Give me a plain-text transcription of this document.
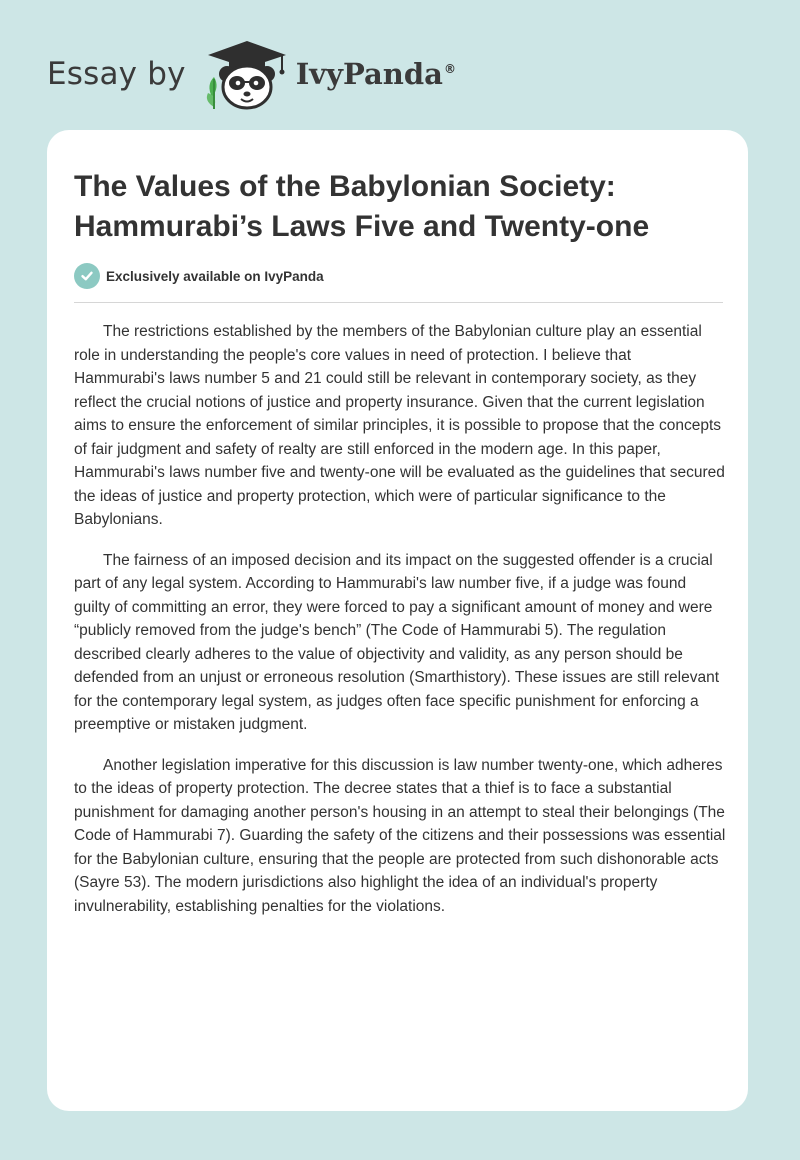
Essay by	IvyPanda®
The Values of the Babylonian Society: Hammurabi’s Laws Five and Twenty-one
Exclusively available on IvyPanda

The restrictions established by the members of the Babylonian culture play an essential role in understanding the people's core values in need of protection. I believe that Hammurabi's laws number 5 and 21 could still be relevant in contemporary society, as they reflect the crucial notions of justice and property insurance. Given that the current legislation aims to ensure the enforcement of similar principles, it is possible to propose that the concepts of fair judgment and safety of realty are still enforced in the modern age. In this paper, Hammurabi's laws number five and twenty-one will be evaluated as the guidelines that secured the ideas of justice and property protection, which were of particular significance to the Babylonians.

The fairness of an imposed decision and its impact on the suggested offender is a crucial part of any legal system. According to Hammurabi's law number five, if a judge was found guilty of committing an error, they were forced to pay a significant amount of money and were “publicly removed from the judge's bench” (The Code of Hammurabi 5). The regulation described clearly adheres to the value of objectivity and validity, as any person should be defended from an unjust or erroneous resolution (Smarthistory). These issues are still relevant for the contemporary legal system, as judges often face specific punishment for enforcing a preemptive or mistaken judgment.

Another legislation imperative for this discussion is law number twenty-one, which adheres to the ideas of property protection. The decree states that a thief is to face a substantial punishment for damaging another person's housing in an attempt to steal their belongings (The Code of Hammurabi 7). Guarding the safety of the citizens and their possessions was essential for the Babylonian culture, ensuring that the people are protected from such dishonorable acts (Sayre 53). The modern jurisdictions also highlight the idea of an individual's property invulnerability, establishing penalties for the violations.
